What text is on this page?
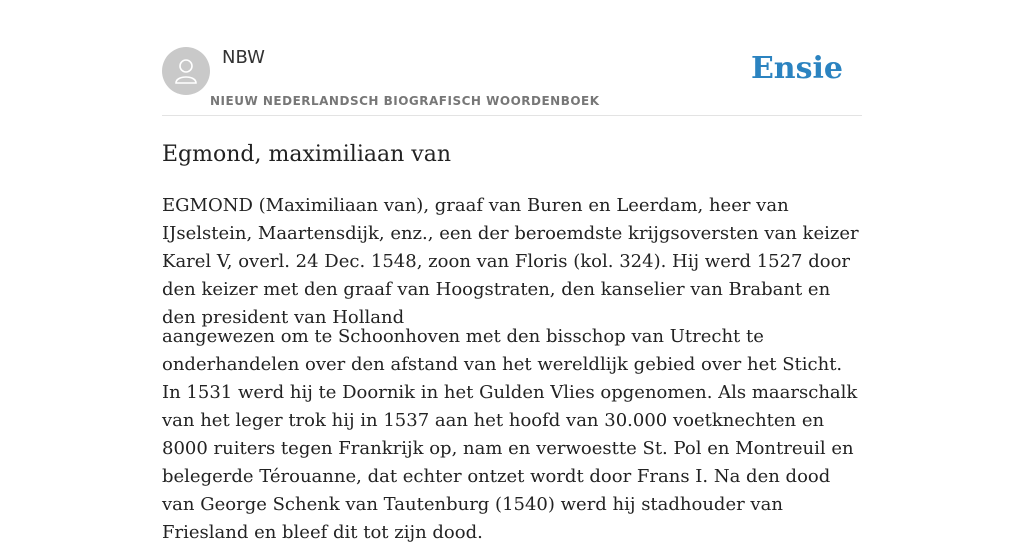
NBW

NIEUW NEDERLANDSCH BIOGRAFISCH WOORDENBOEK

Ensie

Egmond, maximiliaan van

EGMOND (Maximiliaan van), graaf van Buren en Leerdam, heer van IJselstein, Maartensdijk, enz., een der beroemdste krijgsoversten van keizer Karel V, overl. 24 Dec. 1548, zoon van Floris (kol. 324). Hij werd 1527 door den keizer met den graaf van Hoogstraten, den kanselier van Brabant en den president van Holland

aangewezen om te Schoonhoven met den bisschop van Utrecht te onderhandelen over den afstand van het wereldlijk gebied over het Sticht. In 1531 werd hij te Doornik in het Gulden Vlies opgenomen. Als maarschalk van het leger trok hij in 1537 aan het hoofd van 30.000 voetknechten en 8000 ruiters tegen Frankrijk op, nam en verwoestte St. Pol en Montreuil en belegerde Térouanne, dat echter ontzet wordt door Frans I. Na den dood van George Schenk van Tautenburg (1540) werd hij stadhouder van Friesland en bleef dit tot zijn dood.
